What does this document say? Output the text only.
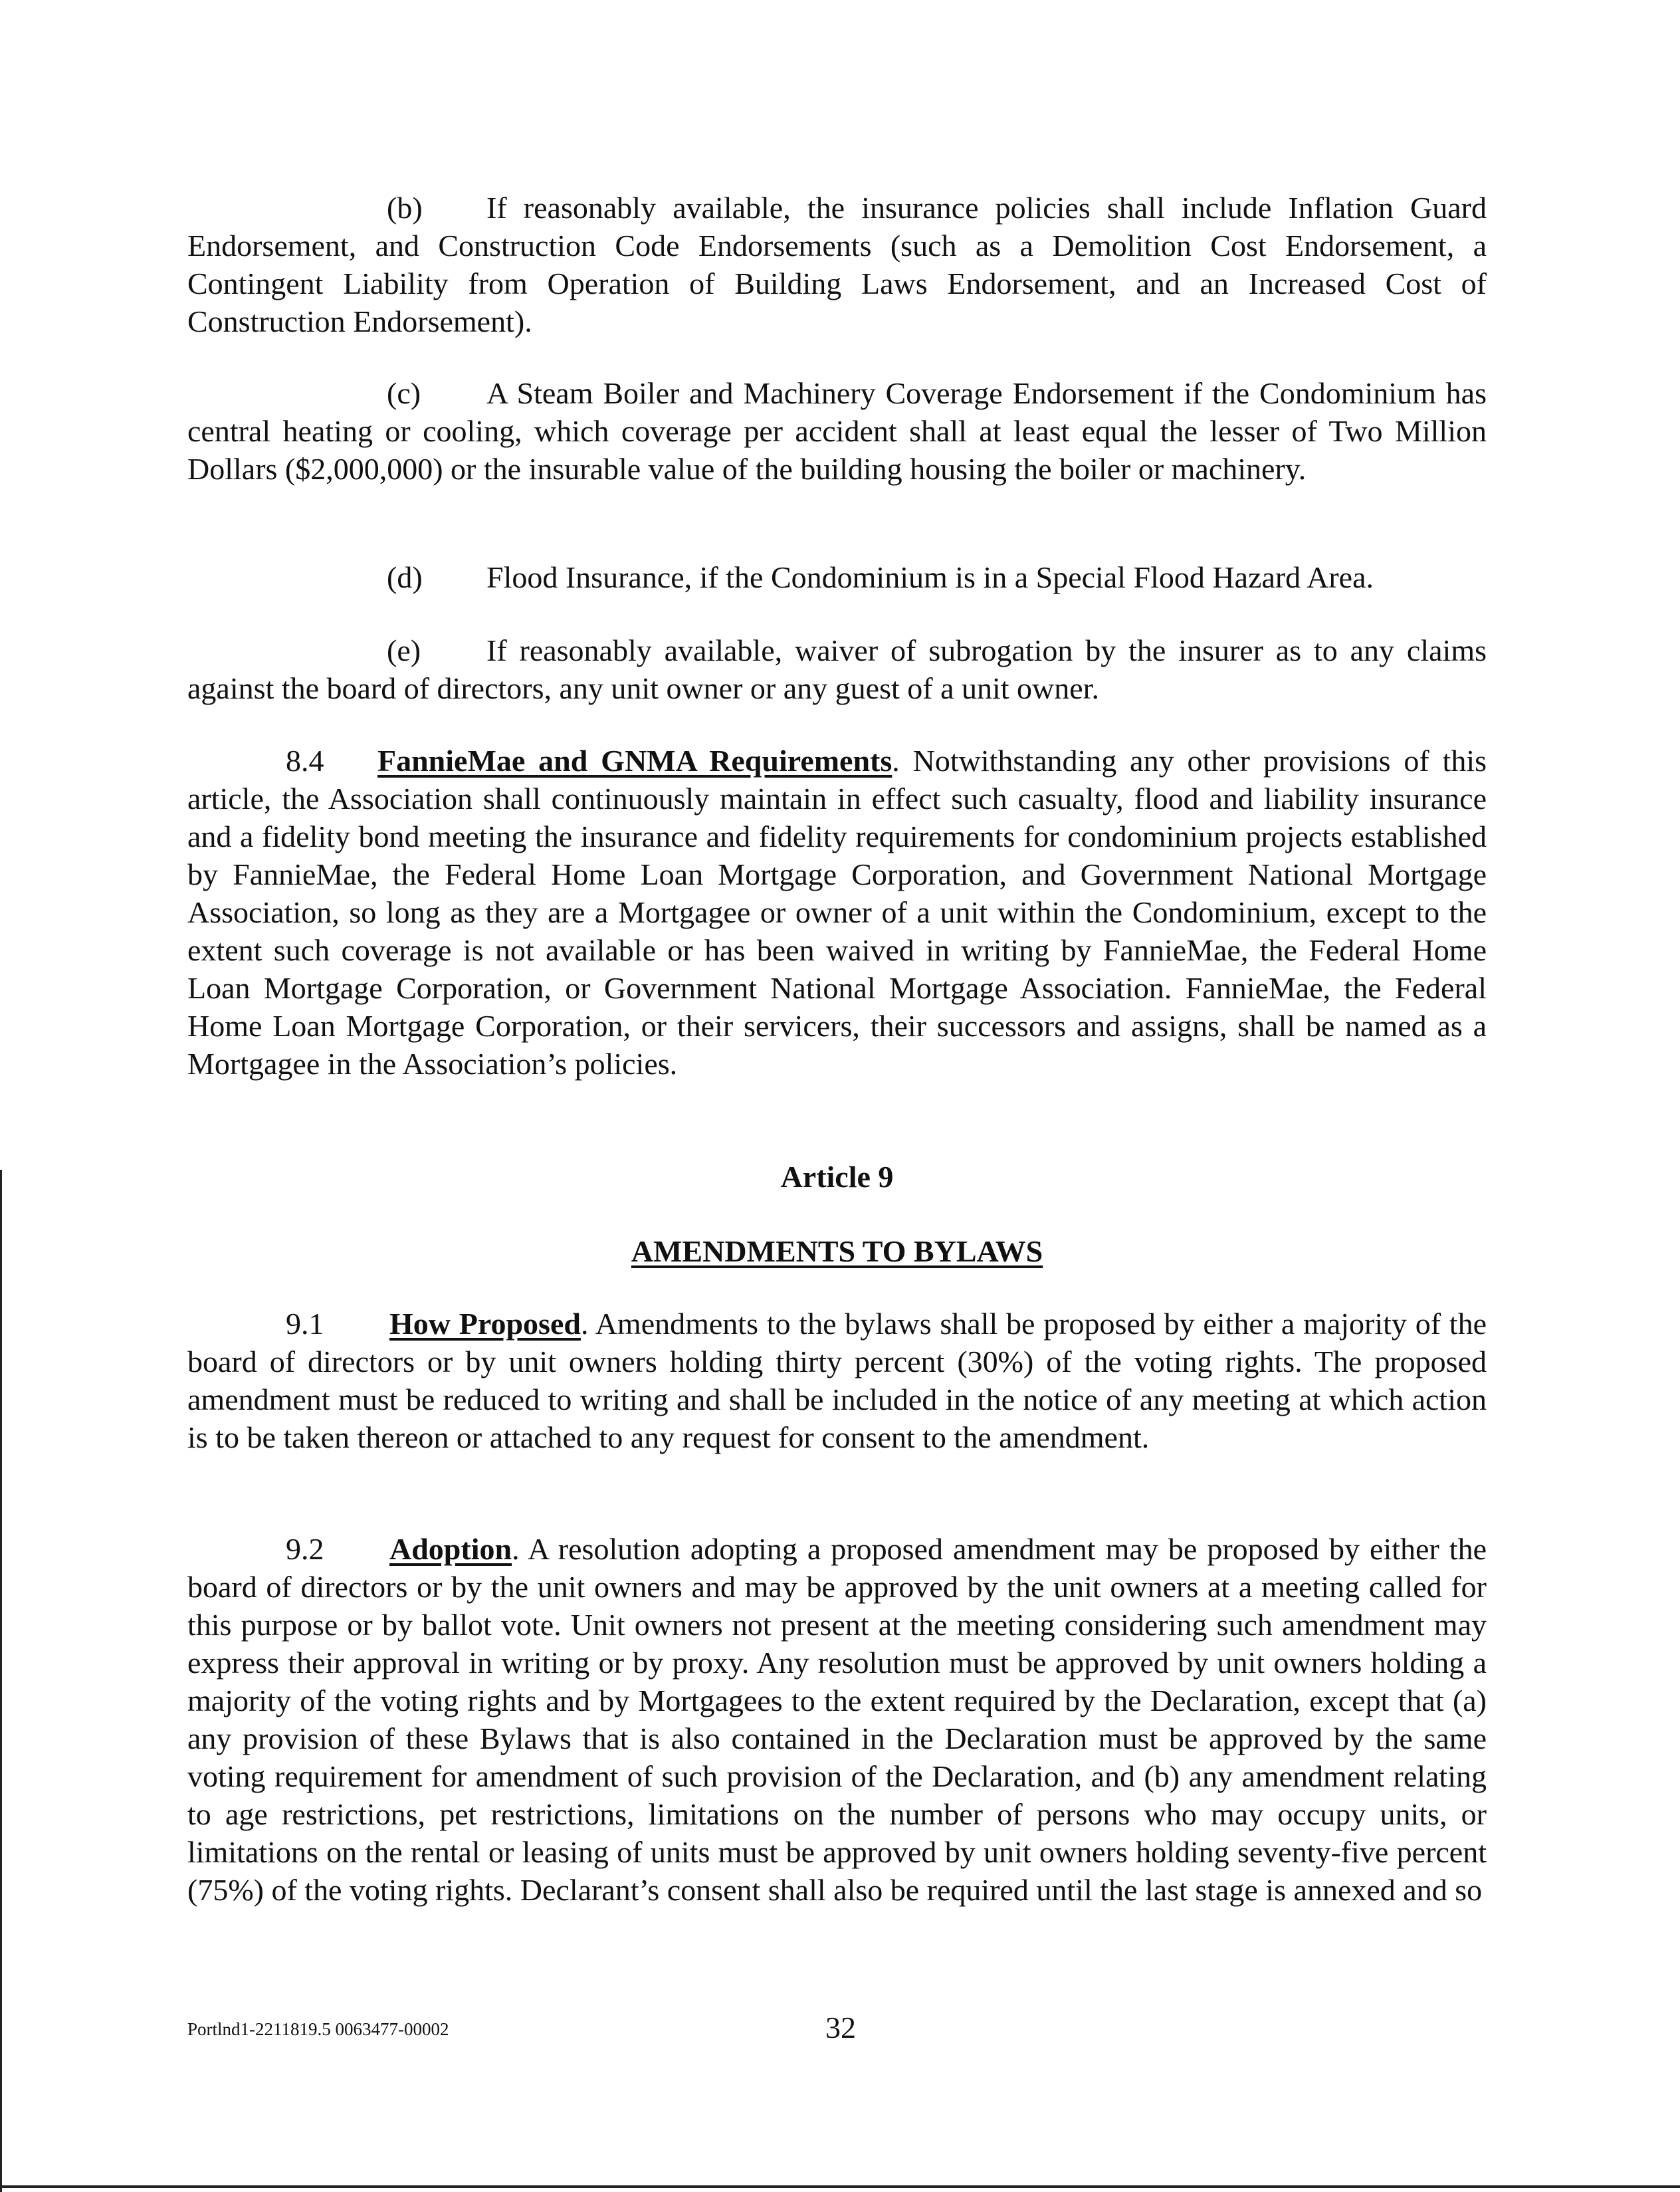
(b) If reasonably available, the insurance policies shall include Inflation Guard Endorsement, and Construction Code Endorsements (such as a Demolition Cost Endorsement, a Contingent Liability from Operation of Building Laws Endorsement, and an Increased Cost of Construction Endorsement).

(c) A Steam Boiler and Machinery Coverage Endorsement if the Condominium has central heating or cooling, which coverage per accident shall at least equal the lesser of Two Million Dollars ($2,000,000) or the insurable value of the building housing the boiler or machinery.

(d) Flood Insurance, if the Condominium is in a Special Flood Hazard Area.

(e) If reasonably available, waiver of subrogation by the insurer as to any claims against the board of directors, any unit owner or any guest of a unit owner.

8.4 FannieMae and GNMA Requirements. Notwithstanding any other provisions of this article, the Association shall continuously maintain in effect such casualty, flood and liability insurance and a fidelity bond meeting the insurance and fidelity requirements for condominium projects established by FannieMae, the Federal Home Loan Mortgage Corporation, and Government National Mortgage Association, so long as they are a Mortgagee or owner of a unit within the Condominium, except to the extent such coverage is not available or has been waived in writing by FannieMae, the Federal Home Loan Mortgage Corporation, or Government National Mortgage Association. FannieMae, the Federal Home Loan Mortgage Corporation, or their servicers, their successors and assigns, shall be named as a Mortgagee in the Association’s policies.

Article 9

AMENDMENTS TO BYLAWS

9.1 How Proposed. Amendments to the bylaws shall be proposed by either a majority of the board of directors or by unit owners holding thirty percent (30%) of the voting rights. The proposed amendment must be reduced to writing and shall be included in the notice of any meeting at which action is to be taken thereon or attached to any request for consent to the amendment.

9.2 Adoption. A resolution adopting a proposed amendment may be proposed by either the board of directors or by the unit owners and may be approved by the unit owners at a meeting called for this purpose or by ballot vote. Unit owners not present at the meeting considering such amendment may express their approval in writing or by proxy. Any resolution must be approved by unit owners holding a majority of the voting rights and by Mortgagees to the extent required by the Declaration, except that (a) any provision of these Bylaws that is also contained in the Declaration must be approved by the same voting requirement for amendment of such provision of the Declaration, and (b) any amendment relating to age restrictions, pet restrictions, limitations on the number of persons who may occupy units, or limitations on the rental or leasing of units must be approved by unit owners holding seventy-five percent (75%) of the voting rights. Declarant’s consent shall also be required until the last stage is annexed and so

Portlnd1-2211819.5 0063477-00002	32
